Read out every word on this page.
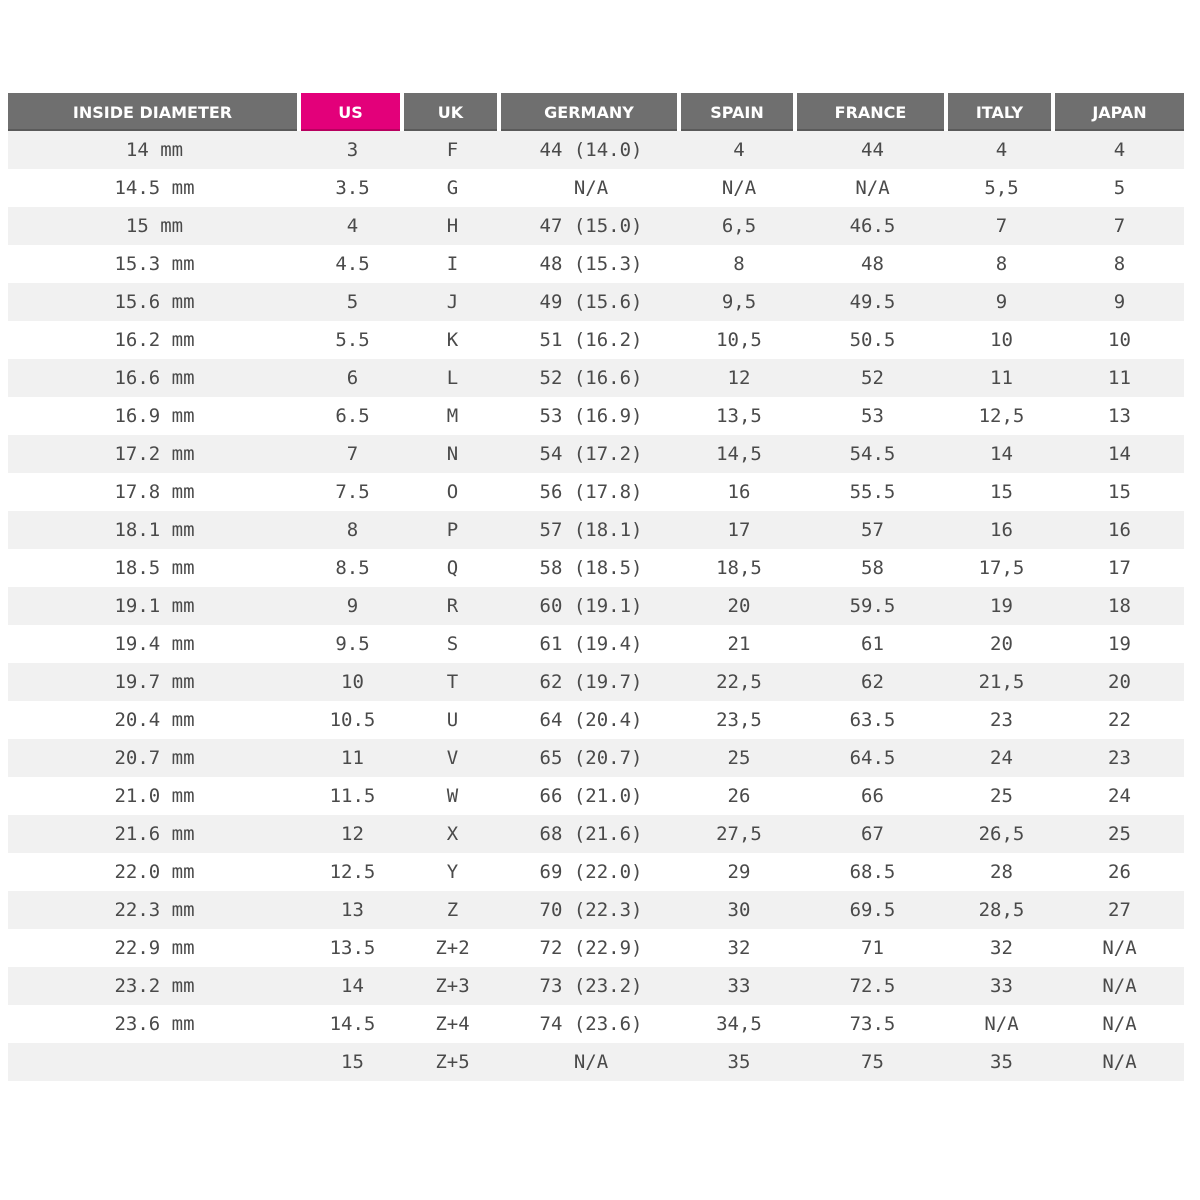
INSIDE DIAMETER	US	UK	GERMANY	SPAIN	FRANCE	ITALY	JAPAN
14 mm	3	F	44 (14.0)	4	44	4	4
14.5 mm	3.5	G	N/A	N/A	N/A	5,5	5
15 mm	4	H	47 (15.0)	6,5	46.5	7	7
15.3 mm	4.5	I	48 (15.3)	8	48	8	8
15.6 mm	5	J	49 (15.6)	9,5	49.5	9	9
16.2 mm	5.5	K	51 (16.2)	10,5	50.5	10	10
16.6 mm	6	L	52 (16.6)	12	52	11	11
16.9 mm	6.5	M	53 (16.9)	13,5	53	12,5	13
17.2 mm	7	N	54 (17.2)	14,5	54.5	14	14
17.8 mm	7.5	O	56 (17.8)	16	55.5	15	15
18.1 mm	8	P	57 (18.1)	17	57	16	16
18.5 mm	8.5	Q	58 (18.5)	18,5	58	17,5	17
19.1 mm	9	R	60 (19.1)	20	59.5	19	18
19.4 mm	9.5	S	61 (19.4)	21	61	20	19
19.7 mm	10	T	62 (19.7)	22,5	62	21,5	20
20.4 mm	10.5	U	64 (20.4)	23,5	63.5	23	22
20.7 mm	11	V	65 (20.7)	25	64.5	24	23
21.0 mm	11.5	W	66 (21.0)	26	66	25	24
21.6 mm	12	X	68 (21.6)	27,5	67	26,5	25
22.0 mm	12.5	Y	69 (22.0)	29	68.5	28	26
22.3 mm	13	Z	70 (22.3)	30	69.5	28,5	27
22.9 mm	13.5	Z+2	72 (22.9)	32	71	32	N/A
23.2 mm	14	Z+3	73 (23.2)	33	72.5	33	N/A
23.6 mm	14.5	Z+4	74 (23.6)	34,5	73.5	N/A	N/A
	15	Z+5	N/A	35	75	35	N/A
